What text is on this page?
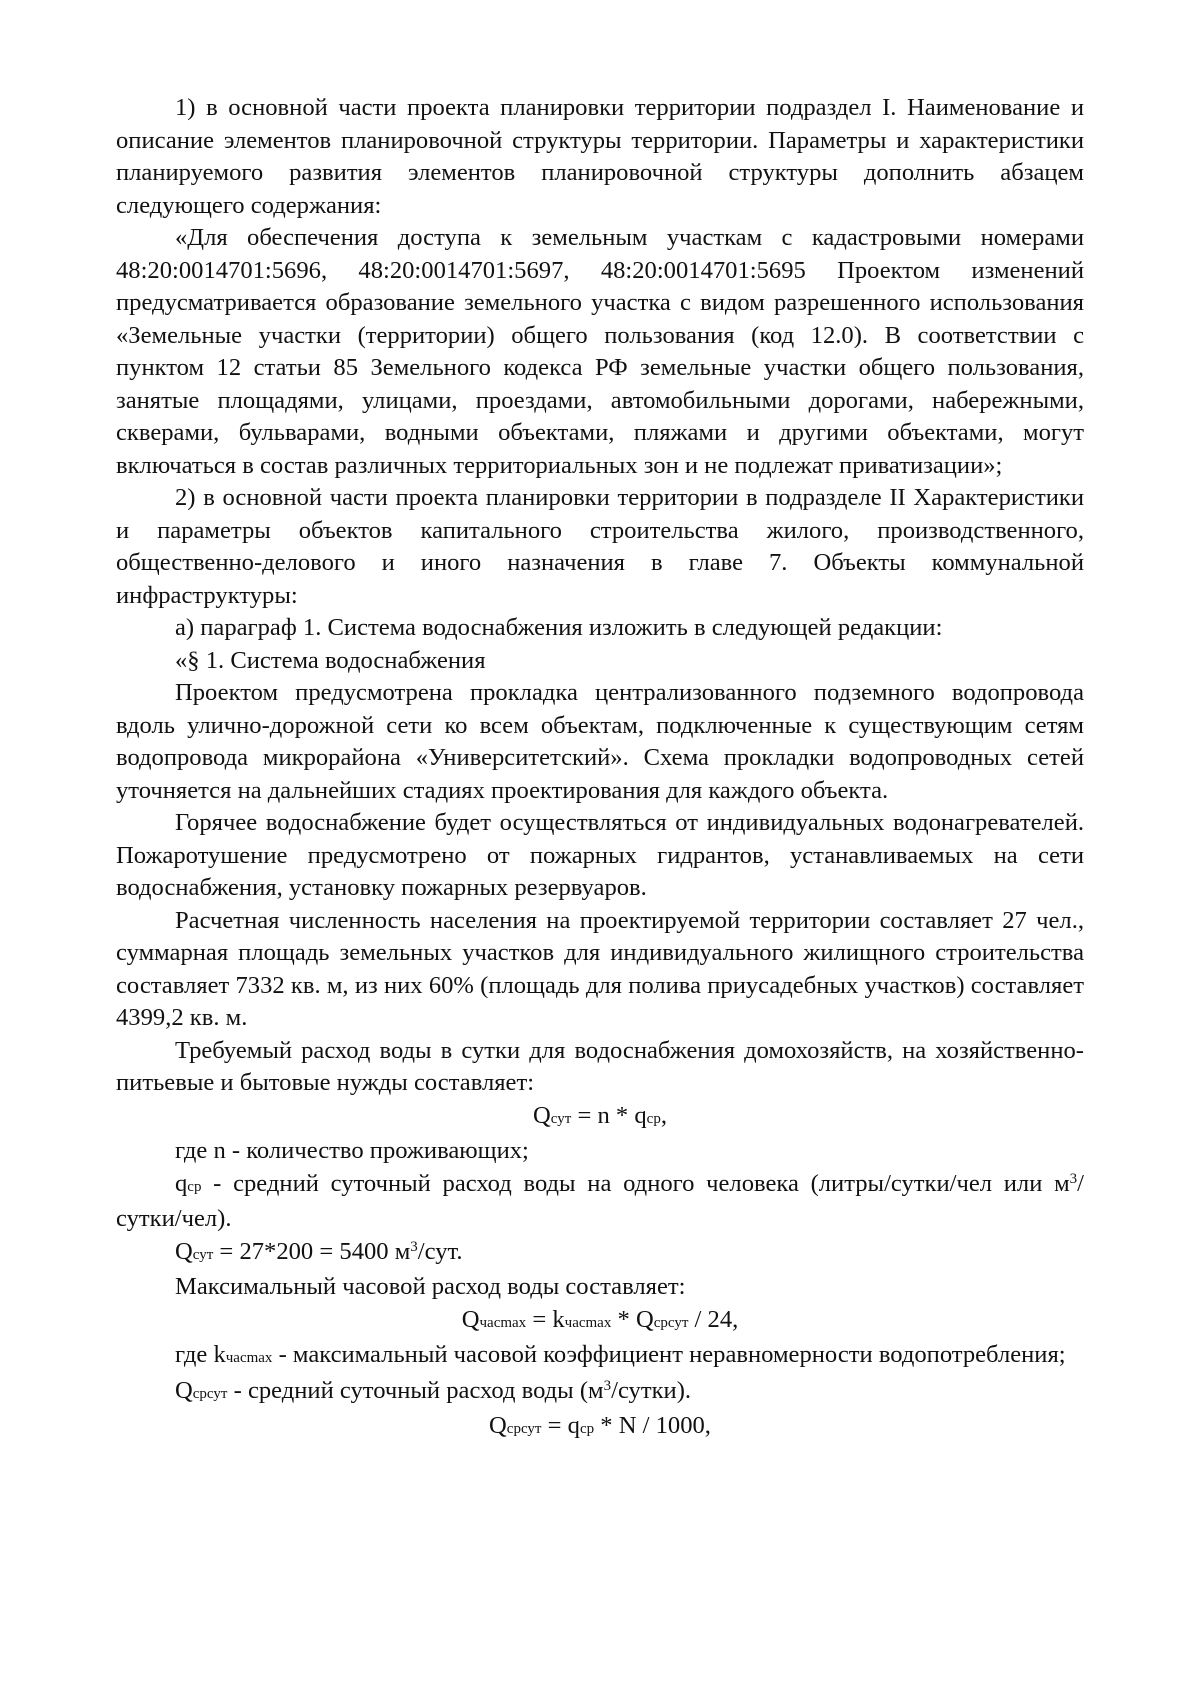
1) в основной части проекта планировки территории подраздел I. Наименование и описание элементов планировочной структуры территории. Параметры и характеристики планируемого развития элементов планировочной структуры дополнить абзацем следующего содержания:

«Для обеспечения доступа к земельным участкам с кадастровыми номерами 48:20:0014701:5696, 48:20:0014701:5697, 48:20:0014701:5695 Проектом изменений предусматривается образование земельного участка с видом разрешенного использования «Земельные участки (территории) общего пользования (код 12.0). В соответствии с пунктом 12 статьи 85 Земельного кодекса РФ земельные участки общего пользования, занятые площадями, улицами, проездами, автомобильными дорогами, набережными, скверами, бульварами, водными объектами, пляжами и другими объектами, могут включаться в состав различных территориальных зон и не подлежат приватизации»;

2) в основной части проекта планировки территории в подразделе II Характеристики и параметры объектов капитального строительства жилого, производственного, общественно-делового и иного назначения в главе 7. Объекты коммунальной инфраструктуры:

а) параграф 1. Система водоснабжения изложить в следующей редакции:

«§ 1. Система водоснабжения

Проектом предусмотрена прокладка централизованного подземного водопровода вдоль улично-дорожной сети ко всем объектам, подключенные к существующим сетям водопровода микрорайона «Университетский». Схема прокладки водопроводных сетей уточняется на дальнейших стадиях проектирования для каждого объекта.

Горячее водоснабжение будет осуществляться от индивидуальных водонагревателей. Пожаротушение предусмотрено от пожарных гидрантов, устанавливаемых на сети водоснабжения, установку пожарных резервуаров.

Расчетная численность населения на проектируемой территории составляет 27 чел., суммарная площадь земельных участков для индивидуального жилищного строительства составляет 7332 кв. м, из них 60% (площадь для полива приусадебных участков) составляет 4399,2 кв. м.

Требуемый расход воды в сутки для водоснабжения домохозяйств, на хозяйственно-питьевые и бытовые нужды составляет:

Qсут = n * qср,

где n - количество проживающих;

qср - средний суточный расход воды на одного человека (литры/сутки/чел или $м^3/сутки/чел$).

Qсут = 27*200 = 5400 $м^3$/сут.

Максимальный часовой расход воды составляет:

Qчасmax = kчасmax * Qсрсут / 24,

где kчасmax - максимальный часовой коэффициент неравномерности водопотребления;

Qсрсут - средний суточный расход воды $(м^3/сутки)$.

Qсрсут = qср * N / 1000,
